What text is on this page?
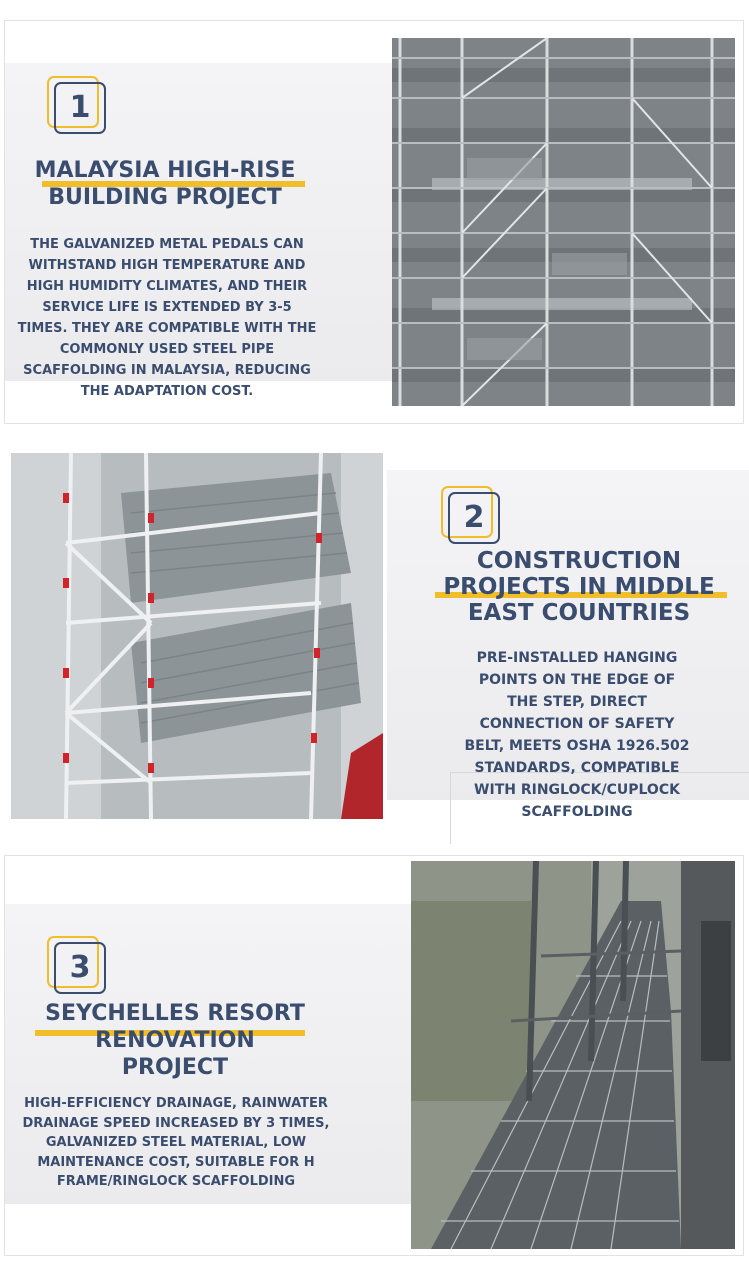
1
MALAYSIA HIGH-RISE
BUILDING PROJECT

THE GALVANIZED METAL PEDALS CAN WITHSTAND HIGH TEMPERATURE AND HIGH HUMIDITY CLIMATES, AND THEIR SERVICE LIFE IS EXTENDED BY 3-5 TIMES. THEY ARE COMPATIBLE WITH THE COMMONLY USED STEEL PIPE SCAFFOLDING IN MALAYSIA, REDUCING THE ADAPTATION COST.

2
CONSTRUCTION
PROJECTS IN MIDDLE
EAST COUNTRIES

PRE-INSTALLED HANGING POINTS ON THE EDGE OF THE STEP, DIRECT CONNECTION OF SAFETY BELT, MEETS OSHA 1926.502 STANDARDS, COMPATIBLE WITH RINGLOCK/CUPLOCK SCAFFOLDING

3
SEYCHELLES RESORT
RENOVATION
PROJECT

HIGH-EFFICIENCY DRAINAGE, RAINWATER DRAINAGE SPEED INCREASED BY 3 TIMES, GALVANIZED STEEL MATERIAL, LOW MAINTENANCE COST, SUITABLE FOR H FRAME/RINGLOCK SCAFFOLDING
